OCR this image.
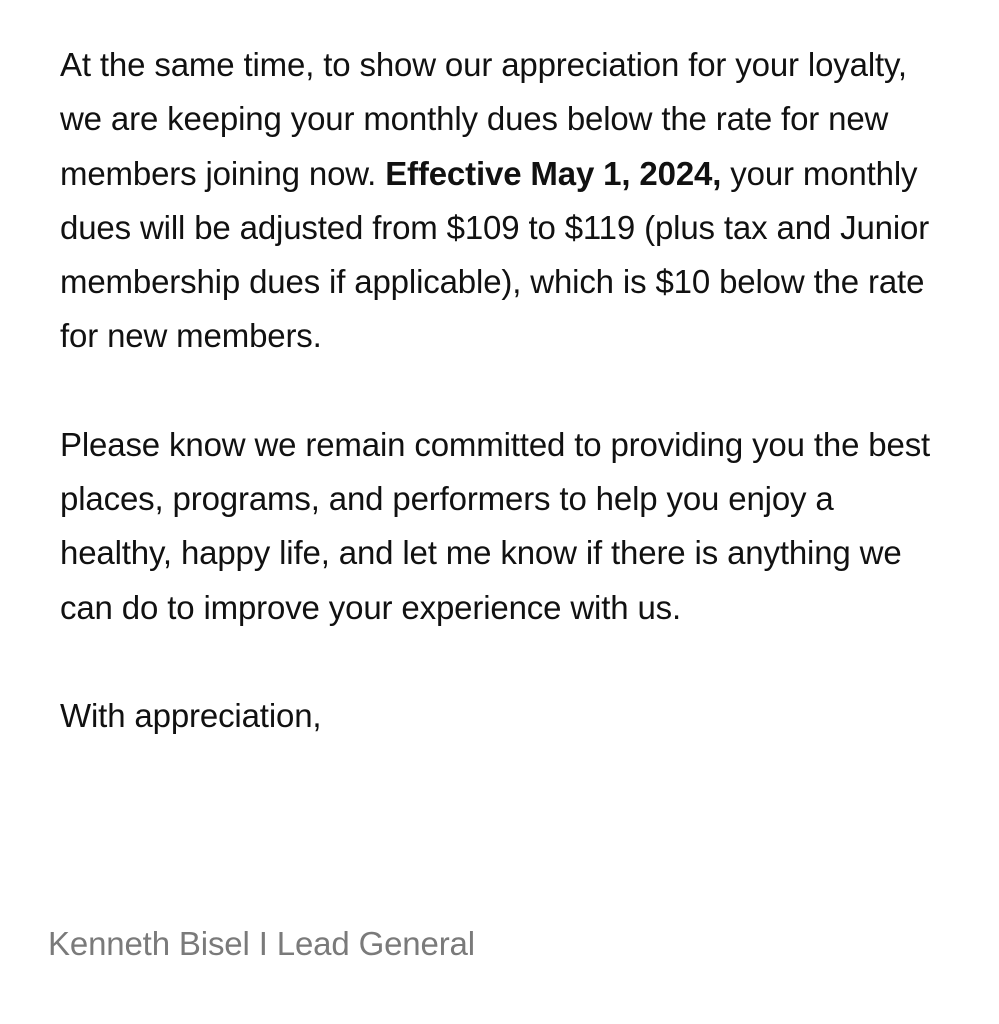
At the same time, to show our appreciation for your loyalty, we are keeping your monthly dues below the rate for new members joining now. Effective May 1, 2024, your monthly dues will be adjusted from $109 to $119 (plus tax and Junior membership dues if applicable), which is $10 below the rate for new members.

Please know we remain committed to providing you the best places, programs, and performers to help you enjoy a healthy, happy life, and let me know if there is anything we can do to improve your experience with us.

With appreciation,

Kenneth Bisel I Lead General
